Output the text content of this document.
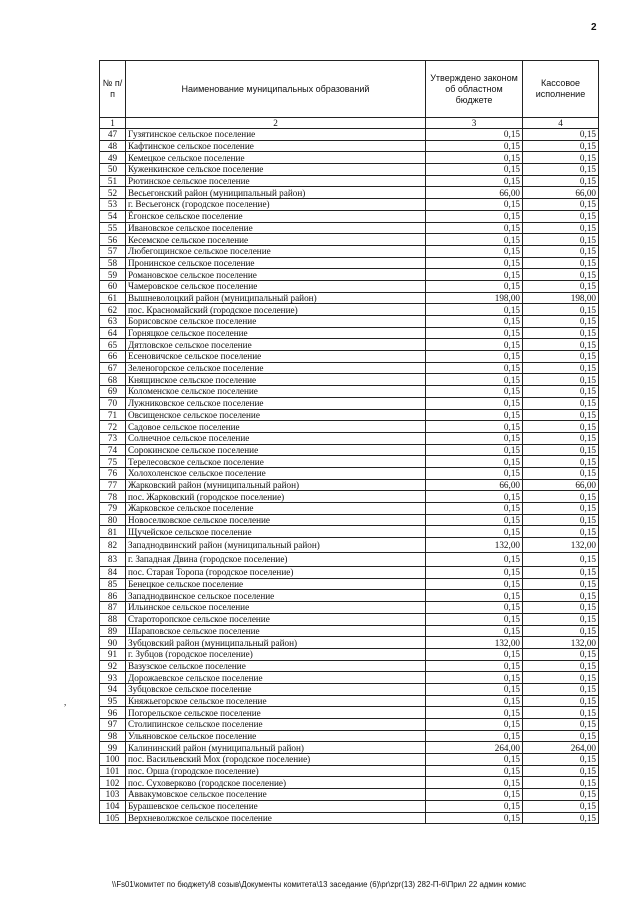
2
№ п/п	Наименование муниципальных образований	Утверждено законом об областном бюджете	Кассовое исполнение
1	2	3	4
47	Гузятинское сельское поселение	0,15	0,15
48	Кафтинское сельское поселение	0,15	0,15
49	Кемецкое сельское поселение	0,15	0,15
50	Куженкинское сельское поселение	0,15	0,15
51	Рютинское сельское поселение	0,15	0,15
52	Весьегонский район (муниципальный район)	66,00	66,00
53	г. Весьегонск (городское поселение)	0,15	0,15
54	Ёгонское сельское поселение	0,15	0,15
55	Ивановское сельское поселение	0,15	0,15
56	Кесемское сельское поселение	0,15	0,15
57	Любегощинское сельское поселение	0,15	0,15
58	Пронинское сельское поселение	0,15	0,15
59	Романовское сельское поселение	0,15	0,15
60	Чамеровское сельское поселение	0,15	0,15
61	Вышневолоцкий район (муниципальный район)	198,00	198,00
62	пос. Красномайский (городское поселение)	0,15	0,15
63	Борисовское сельское поселение	0,15	0,15
64	Горняцкое сельское поселение	0,15	0,15
65	Дятловское сельское поселение	0,15	0,15
66	Есеновичское сельское поселение	0,15	0,15
67	Зеленогорское сельское поселение	0,15	0,15
68	Княщинское сельское поселение	0,15	0,15
69	Коломенское сельское поселение	0,15	0,15
70	Лужниковское сельское поселение	0,15	0,15
71	Овсищенское сельское поселение	0,15	0,15
72	Садовое сельское поселение	0,15	0,15
73	Солнечное сельское поселение	0,15	0,15
74	Сорокинское сельское поселение	0,15	0,15
75	Терелесовское сельское поселение	0,15	0,15
76	Холохоленское сельское поселение	0,15	0,15
77	Жарковский район (муниципальный район)	66,00	66,00
78	пос. Жарковский (городское поселение)	0,15	0,15
79	Жарковское сельское поселение	0,15	0,15
80	Новоселковское сельское поселение	0,15	0,15
81	Щучейское сельское поселение	0,15	0,15
82	Западнодвинский район (муниципальный район)	132,00	132,00
83	г. Западная Двина (городское поселение)	0,15	0,15
84	пос. Старая Торопа (городское поселение)	0,15	0,15
85	Бенецкое сельское поселение	0,15	0,15
86	Западнодвинское сельское поселение	0,15	0,15
87	Ильинское сельское поселение	0,15	0,15
88	Староторопское сельское поселение	0,15	0,15
89	Шараповское сельское поселение	0,15	0,15
90	Зубцовский район (муниципальный район)	132,00	132,00
91	г. Зубцов (городское поселение)	0,15	0,15
92	Вазузское сельское поселение	0,15	0,15
93	Дорожаевское сельское поселение	0,15	0,15
94	Зубцовское сельское поселение	0,15	0,15
95	Княжьегорское сельское поселение	0,15	0,15
96	Погорельское сельское поселение	0,15	0,15
97	Столипинское сельское поселение	0,15	0,15
98	Ульяновское сельское поселение	0,15	0,15
99	Калининский район (муниципальный район)	264,00	264,00
100	пос. Васильевский Мох (городское поселение)	0,15	0,15
101	пос. Орша (городское поселение)	0,15	0,15
102	пос. Суховерково (городское поселение)	0,15	0,15
103	Аввакумовское сельское поселение	0,15	0,15
104	Бурашевское сельское поселение	0,15	0,15
105	Верхневолжское сельское поселение	0,15	0,15
,
\\Fs01\комитет по бюджету\8 созыв\Документы комитета\13 заседание (6)\pr\zpr(13) 282-П-6\Прил 22 админ комис
